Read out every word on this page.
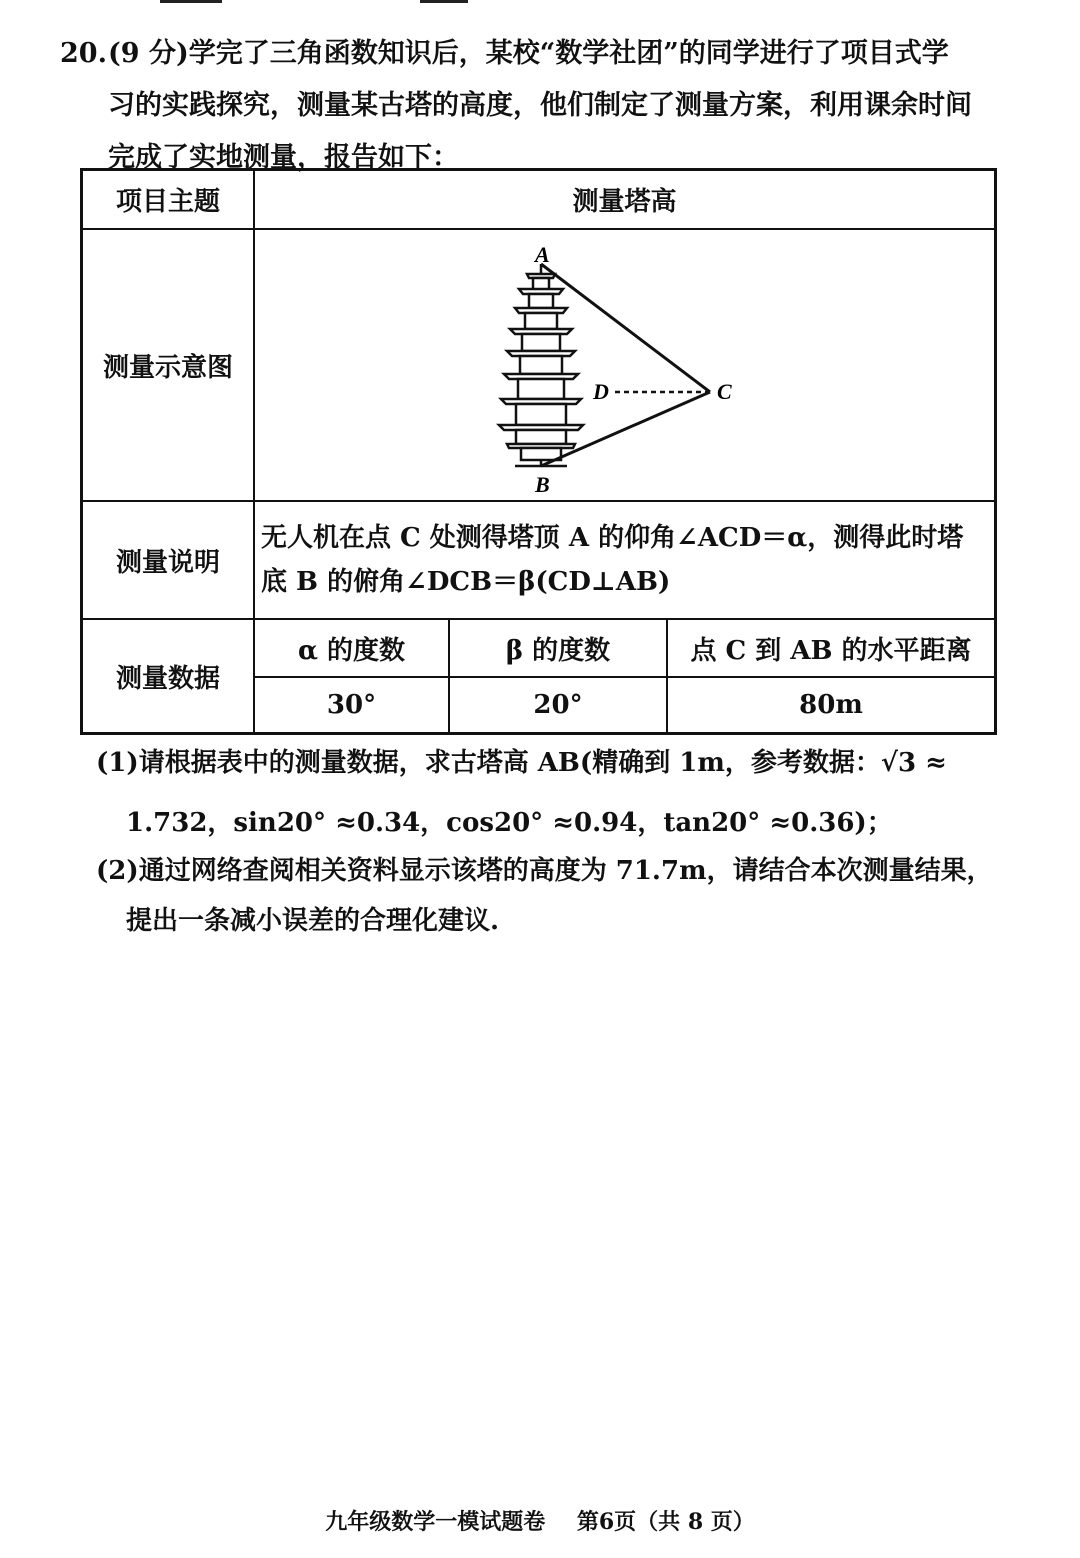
20.(9 分)学完了三角函数知识后，某校“数学社团”的同学进行了项目式学
习的实践探究，测量某古塔的高度，他们制定了测量方案，利用课余时间
完成了实地测量，报告如下：
项目主题	测量塔高		
测量示意图	A
B
C
D		

测量说明	无人机在点 C 处测得塔顶 A 的仰角∠ACD＝α，测得此时塔
底 B 的俯角∠DCB＝β(CD⊥AB)		

测量数据	α 的度数	β 的度数	点 C 到 AB 的水平距离
	30°	20°	80m
(1)请根据表中的测量数据，求古塔高 AB(精确到 1m，参考数据：√3 ≈
1.732，sin20° ≈0.34，cos20° ≈0.94，tan20° ≈0.36)；
(2)通过网络查阅相关资料显示该塔的高度为 71.7m，请结合本次测量结果，
提出一条减小误差的合理化建议.
九年级数学一模试题卷 第6页（共 8 页）
